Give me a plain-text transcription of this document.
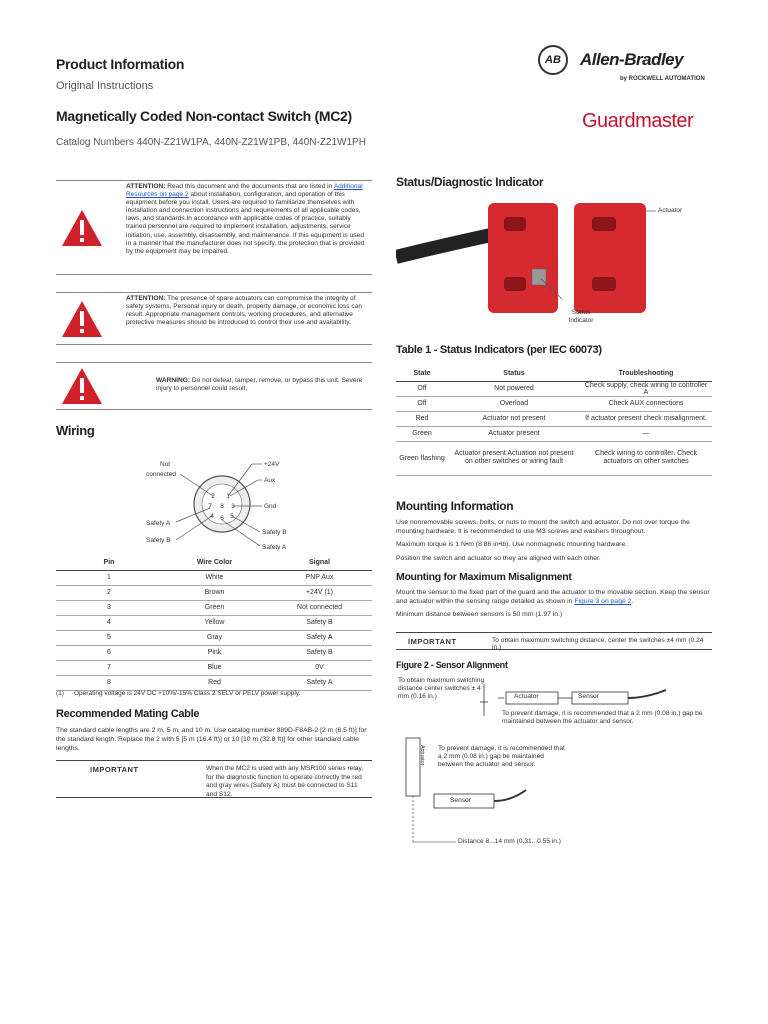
Product Information
Original Instructions
Magnetically Coded Non-contact Switch (MC2)
Catalog Numbers 440N-Z21W1PA, 440N-Z21W1PB, 440N-Z21W1PH
AB	Allen-Bradley
by ROCKWELL AUTOMATION
Guardmaster
ATTENTION: Read this document and the documents that are listed in Additional Resources on page 2 about installation, configuration, and operation of this equipment before you install. Users are required to familiarize themselves with installation and connection instructions and requirements of all applicable codes, laws, and standards.In accordance with applicable codes of practice, suitably trained personnel are required to implement installation, adjustments, service initiation, use, assembly, disassembly, and maintenance. If this equipment is used in a manner that the manufacturer does not specify, the protection that is provided by the equipment may be impaired.
ATTENTION: The presence of spare actuators can compromise the integrity of safety systems. Personal injury or death, property damage, or economic loss can result. Appropriate management controls, working procedures, and alternative protective measures should be introduced to control their use and availability.
WARNING: Do not defeat, tamper, remove, or bypass this unit. Severe injury to personnel could result.
Wiring
1
2
3
4	5
6
7 8
Not
connected
+24V
Aux
Gnd
Safety A
Safety B
Safety B
Safety A
Pin	Wire Color	Signal
1	White	PNP Aux
2	Brown	+24V (1)
3	Green	Not connected
4	Yellow	Safety B
5	Gray	Safety A
6	Pink	Safety B
7	Blue	0V
8	Red	Safety A
(1) Operating voltage is 24V DC +10%/-15% Class 2 SELV or PELV power supply.
Recommended Mating Cable
The standard cable lengths are 2 m, 5 m, and 10 m. Use catalog number 889D-F8AB-2 [2 m (6.5 ft)] for the standard length. Replace the 2 with 5 [5 m (16.4 ft)] or 10 [10 m (32.8 ft)] for other standard cable lengths.
IMPORTANT	When the MC2 is used with any MSR100 series relay, for the diagnostic function to operate correctly the red and gray wires (Safety A) must be connected to S11 and S12.
Status/Diagnostic Indicator
Actuator
Status Indicator
Table 1 - Status Indicators (per IEC 60073)
State	Status	Troubleshooting
Off	Not powered	Check supply, check wiring to controller A
Off	Overload	Check AUX connections
Red	Actuator not present	If actuator present check misalignment.
Green	Actuator present	—
Green flashing	Actuator present Actuation not present on other switches or wiring fault	Check wiring to controller. Check actuators on other switches
Mounting Information
Use nonremovable screws, bolts, or nuts to mount the switch and actuator. Do not over torque the mounting hardware. It is recommended to use M3 screws and washers throughout.
Maximum torque is 1 N•m (8.86 in•lb). Use nonmagnetic mounting hardware.
Position the switch and actuator so they are aligned with each other.
Mounting for Maximum Misalignment
Mount the sensor to the fixed part of the guard and the actuator to the movable section. Keep the sensor and actuator within the sensing range detailed as shown in Figure 3 on page 2.
Minimum distance between sensors is 50 mm (1.97 in.)
IMPORTANT	To obtain maximum switching distance, center the switches ±4 mm (0.24 in.)
Figure 2 - Sensor Alignment
To obtain maximum switching distance center switches ± 4 mm (0.16 in.)	Actuator	Sensor
To prevent damage, it is recommended that a 2 mm (0.08 in.) gap be maintained between the actuator and sensor.
Actuator To prevent damage, it is recommended that a 2 mm (0.08 in.) gap be maintained between the actuator and sensor.
Sensor
Distance 8...14 mm (0.31...0.55 in.)
